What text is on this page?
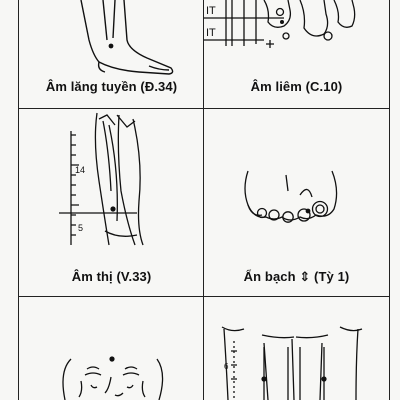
Âm lăng tuyền (Đ.34)
IT
IT
Âm liêm (C.10)
14
5
Âm thị (V.33)	Ẩn bạch ⇕ (Tỳ 1)
6
